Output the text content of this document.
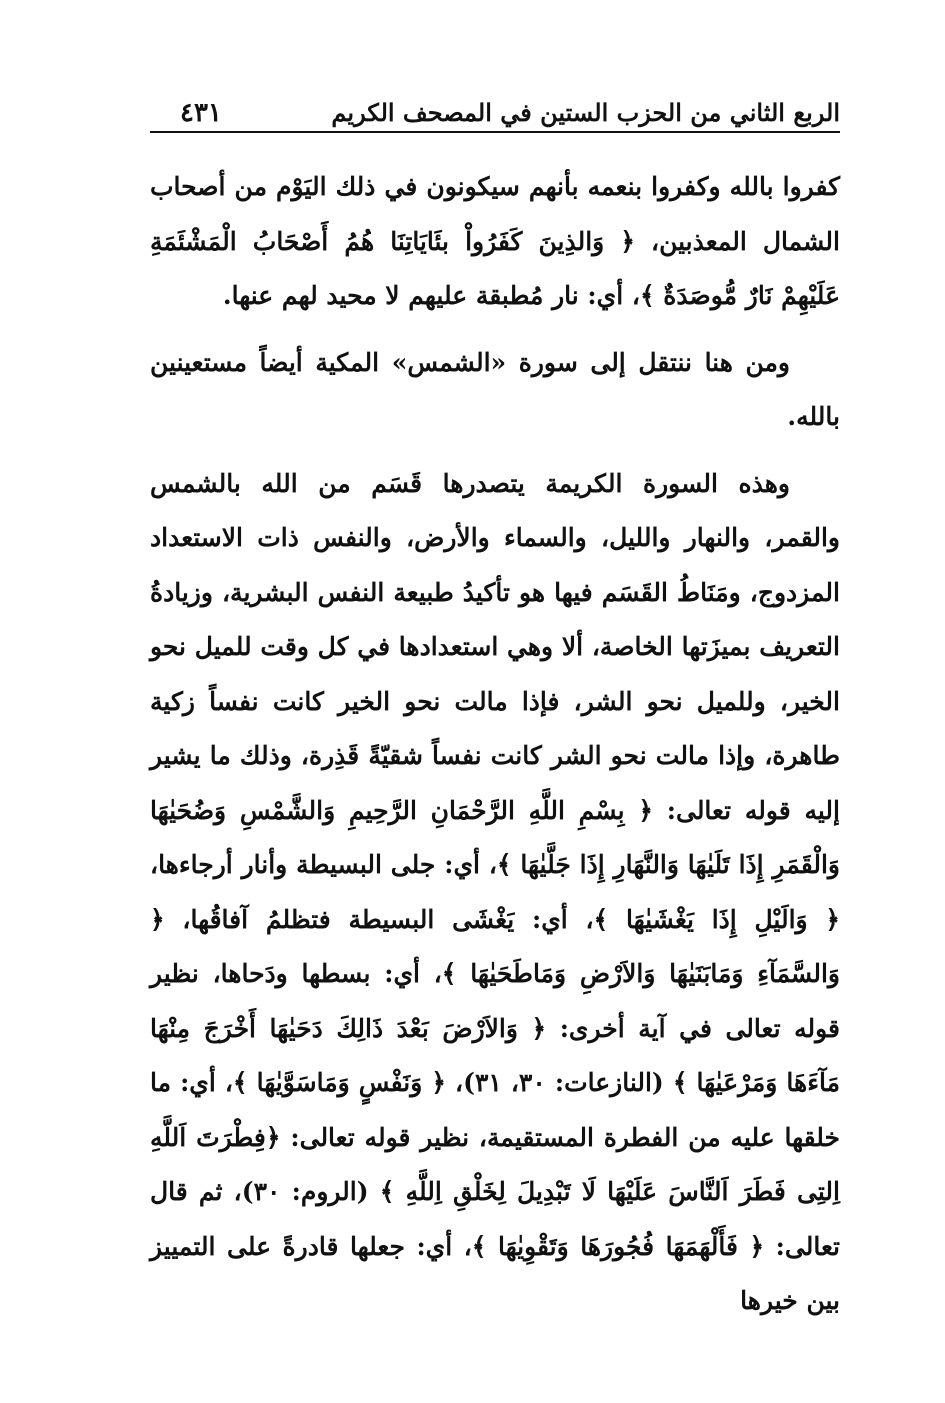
الربع الثاني من الحزب الستين في المصحف الكريم
٤٣١

كفروا بالله وكفروا بنعمه بأنهم سيكونون في ذلك اليَوْم من أصحاب الشمال المعذبين، ﴿ وَالذِينَ كَفَرُواْ بئَايَاتِنَا هُمُ أَصْحَابُ الْمَشْئَمَةِ عَلَيْهِمْ نَارٌ مُّوصَدَةٌ ﴾، أي: نار مُطبقة عليهم لا محيد لهم عنها.

ومن هنا ننتقل إلى سورة «الشمس» المكية أيضاً مستعينين بالله.

وهذه السورة الكريمة يتصدرها قَسَم من الله بالشمس والقمر، والنهار والليل، والسماء والأرض، والنفس ذات الاستعداد المزدوج، ومَنَاطُ القَسَم فيها هو تأكيدُ طبيعة النفس البشرية، وزيادةُ التعريف بميزَتها الخاصة، ألا وهي استعدادها في كل وقت للميل نحو الخير، وللميل نحو الشر، فإذا مالت نحو الخير كانت نفساً زكية طاهرة، وإذا مالت نحو الشر كانت نفساً شقيّةً قَذِرة، وذلك ما يشير إليه قوله تعالى: ﴿ بِسْمِ اللَّهِ الرَّحْمَانِ الرَّحِيمِ وَالشَّمْسِ وَضُحَيٰهَا وَالْقَمَرِ إِذَا تَلَيٰهَا وَالنَّهَارِ إِذَا جَلَّيٰهَا ﴾، أي: جلى البسيطة وأنار أرجاءها، ﴿ وَالَيْلِ إِذَا يَغْشَيٰهَا ﴾، أي: يَغْشَى البسيطة فتظلمُ آفاقُها، ﴿ وَالسَّمَآءِ وَمَابَنَيٰهَا وَالاَرْضِ وَمَاطَحَيٰهَا ﴾، أي: بسطها ودَحاها، نظير قوله تعالى في آية أخرى: ﴿ وَالاَرْضَ بَعْدَ ذَالِكَ دَحَيٰهَا أَخْرَجَ مِنْهَا مَآءَهَا وَمَرْعَيٰهَا ﴾ (النازعات: ٣٠، ٣١)، ﴿ وَنَفْسٍ وَمَاسَوَّيٰهَا ﴾، أي: ما خلقها عليه من الفطرة المستقيمة، نظير قوله تعالى: ﴿فِطْرَتَ اَللَّهِ اِلتِى فَطَرَ اَلنَّاسَ عَلَيْهَا لَا تَبْدِيلَ لِخَلْقِ اِللَّهِ ﴾ (الروم: ٣٠)، ثم قال تعالى: ﴿ فَأَلْهَمَهَا فُجُورَهَا وَتَقْوِيٰهَا ﴾، أي: جعلها قادرةً على التمييز بين خيرها
